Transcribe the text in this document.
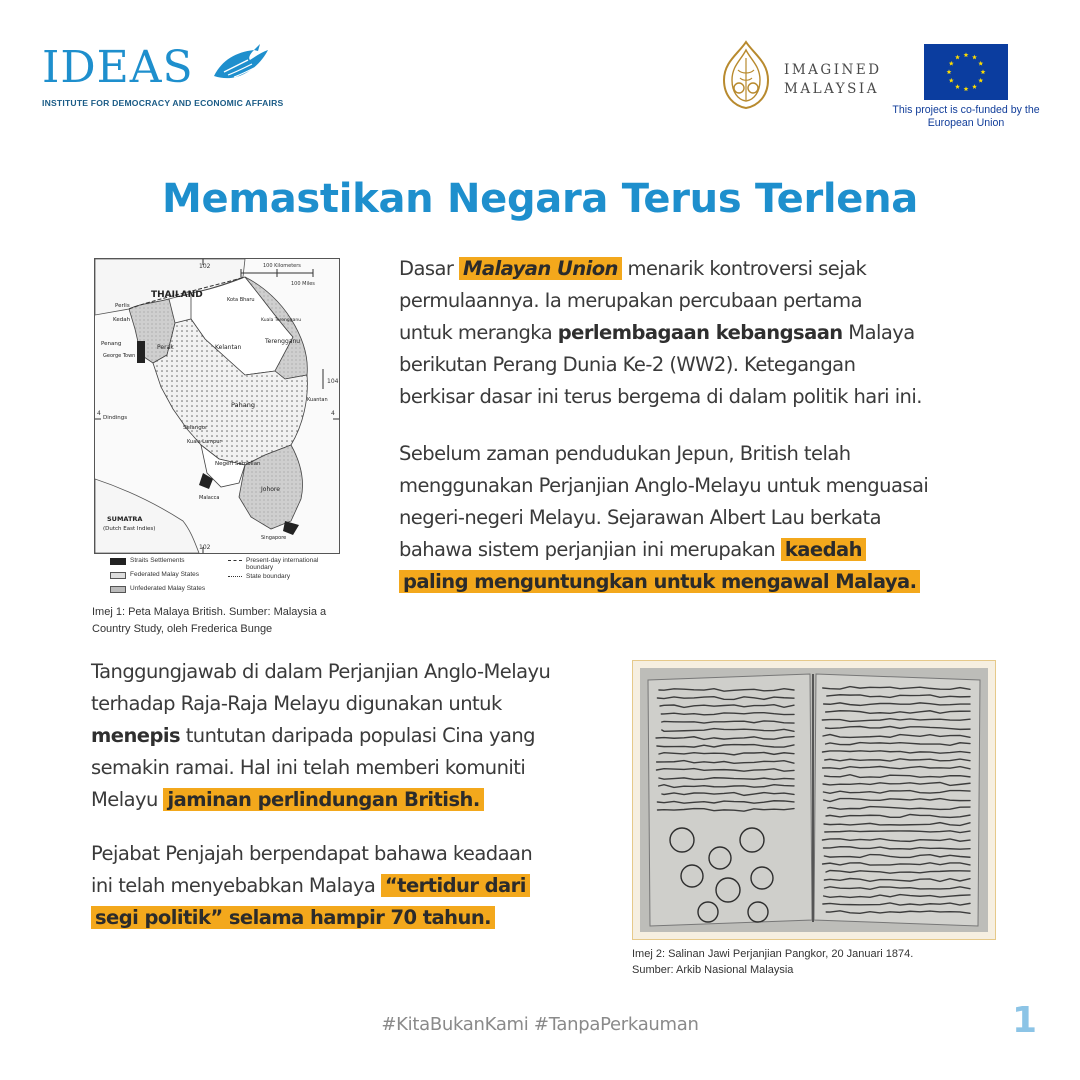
IDEAS
INSTITUTE FOR DEMOCRACY AND ECONOMIC AFFAIRS
IMAGINED
MALAYSIA
This project is co-funded by the European Union
Memastikan Negara Terus Terlena
102
102
104
4	4
100 Kilometers
100 Miles
THAILAND
Perlis
Kedah
Penang
George Town
Perak	Kelantan
Terengganu
Pahang
Selangor
Kuala Lumpur
Negeri Sembilan
Malacca
Johore
Singapore
Dindings
Kota Bharu
Kuala Terengganu
Kuantan
SUMATRA
(Dutch East Indies)
Straits Settlements
Federated Malay States
Unfederated Malay States
Present-day international boundary
State boundary
Imej 1: Peta Malaya British. Sumber: Malaysia a Country Study, oleh Frederica Bunge
Dasar Malayan Union menarik kontroversi sejak
permulaannya. Ia merupakan percubaan pertama
untuk merangka perlembagaan kebangsaan Malaya
berikutan Perang Dunia Ke-2 (WW2). Ketegangan
berkisar dasar ini terus bergema di dalam politik hari ini.
Sebelum zaman pendudukan Jepun, British telah
menggunakan Perjanjian Anglo-Melayu untuk menguasai
negeri-negeri Melayu. Sejarawan Albert Lau berkata
bahawa sistem perjanjian ini merupakan kaedah
paling menguntungkan untuk mengawal Malaya.
Tanggungjawab di dalam Perjanjian Anglo-Melayu
terhadap Raja-Raja Melayu digunakan untuk
menepis tuntutan daripada populasi Cina yang
semakin ramai. Hal ini telah memberi komuniti
Melayu jaminan perlindungan British.
Pejabat Penjajah berpendapat bahawa keadaan
ini telah menyebabkan Malaya “tertidur dari
segi politik” selama hampir 70 tahun.
Imej 2: Salinan Jawi Perjanjian Pangkor, 20 Januari 1874.
Sumber: Arkib Nasional Malaysia
#KitaBukanKami #TanpaPerkauman	1
